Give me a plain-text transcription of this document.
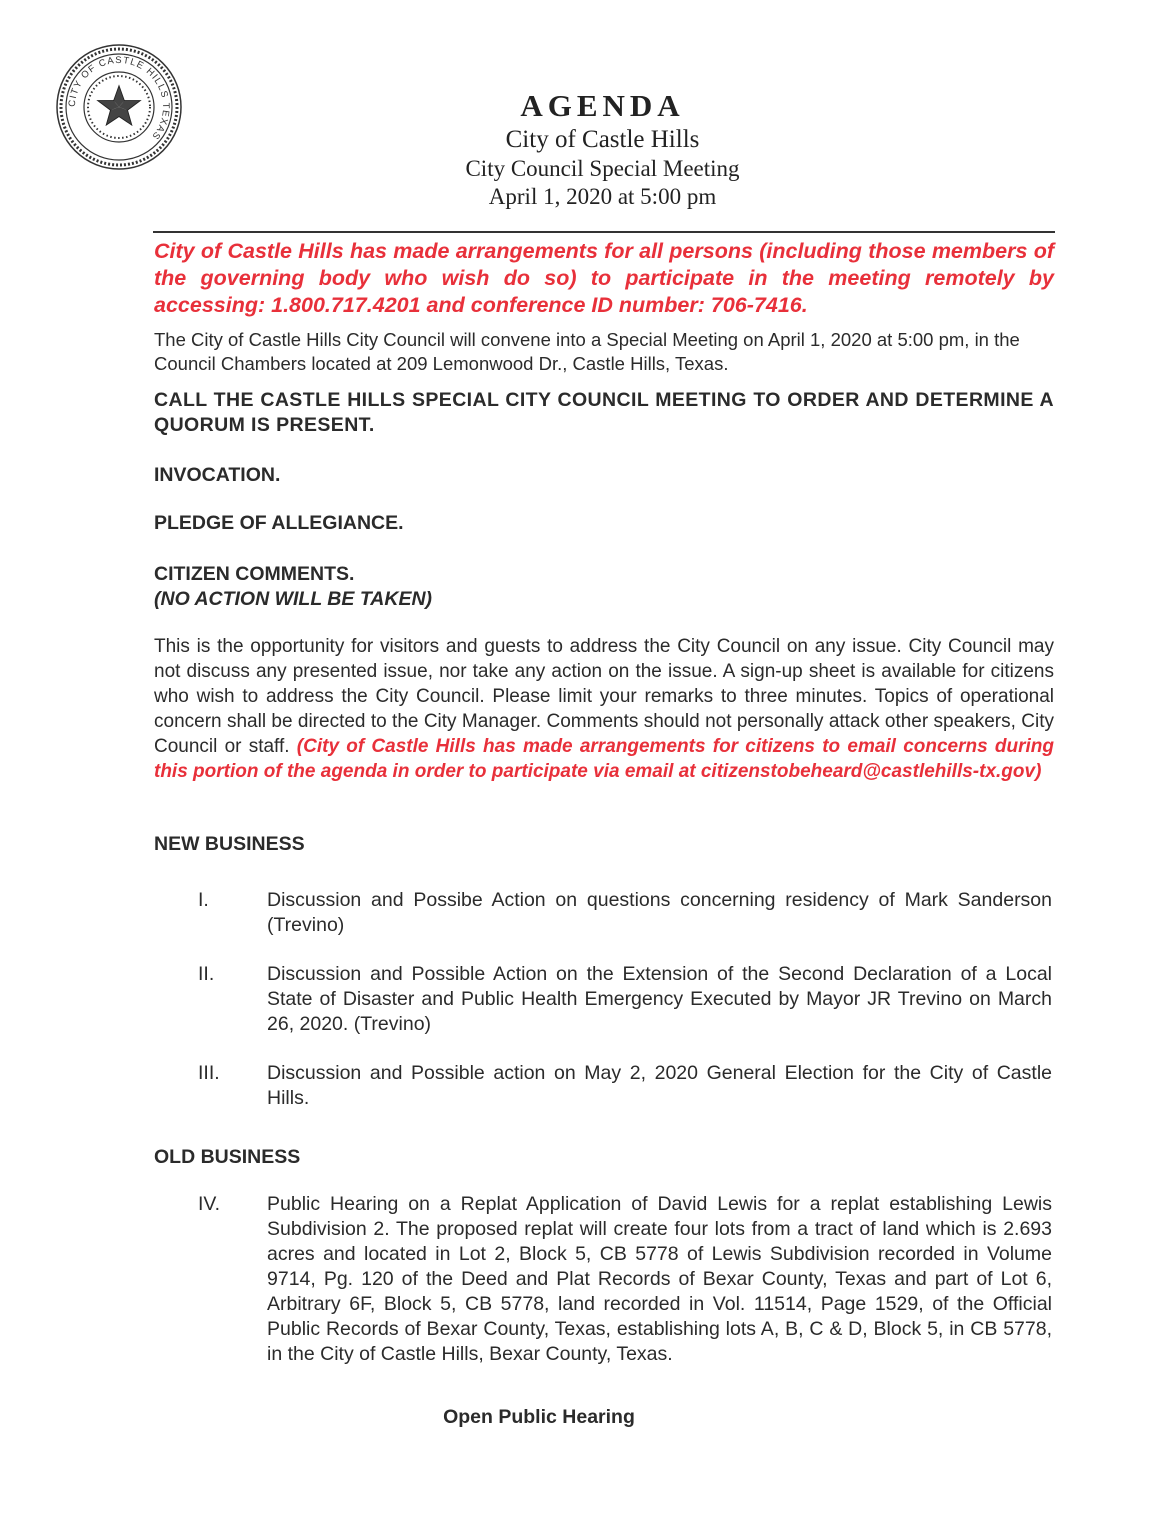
CITY OF CASTLE HILLS TEXAS
AGENDA
City of Castle Hills
City Council Special Meeting
April 1, 2020 at 5:00 pm
City of Castle Hills has made arrangements for all persons (including those members of the governing body who wish do so) to participate in the meeting remotely by accessing: 1.800.717.4201 and conference ID number: 706-7416.
The City of Castle Hills City Council will convene into a Special Meeting on April 1, 2020 at 5:00 pm, in the Council Chambers located at 209 Lemonwood Dr., Castle Hills, Texas.
CALL THE CASTLE HILLS SPECIAL CITY COUNCIL MEETING TO ORDER AND DETERMINE A QUORUM IS PRESENT.
INVOCATION.
PLEDGE OF ALLEGIANCE.
CITIZEN COMMENTS.
(NO ACTION WILL BE TAKEN)
This is the opportunity for visitors and guests to address the City Council on any issue. City Council may not discuss any presented issue, nor take any action on the issue. A sign-up sheet is available for citizens who wish to address the City Council. Please limit your remarks to three minutes. Topics of operational concern shall be directed to the City Manager. Comments should not personally attack other speakers, City Council or staff. (City of Castle Hills has made arrangements for citizens to email concerns during this portion of the agenda in order to participate via email at citizenstobeheard@castlehills-tx.gov)
NEW BUSINESS
I.	Discussion and Possibe Action on questions concerning residency of Mark Sanderson (Trevino)
II.	Discussion and Possible Action on the Extension of the Second Declaration of a Local State of Disaster and Public Health Emergency Executed by Mayor JR Trevino on March 26, 2020. (Trevino)
III.	Discussion and Possible action on May 2, 2020 General Election for the City of Castle Hills.
OLD BUSINESS
IV.	Public Hearing on a Replat Application of David Lewis for a replat establishing Lewis Subdivision 2. The proposed replat will create four lots from a tract of land which is 2.693 acres and located in Lot 2, Block 5, CB 5778 of Lewis Subdivision recorded in Volume 9714, Pg. 120 of the Deed and Plat Records of Bexar County, Texas and part of Lot 6, Arbitrary 6F, Block 5, CB 5778, land recorded in Vol. 11514, Page 1529, of the Official Public Records of Bexar County, Texas, establishing lots A, B, C & D, Block 5, in CB 5778, in the City of Castle Hills, Bexar County, Texas.
Open Public Hearing
